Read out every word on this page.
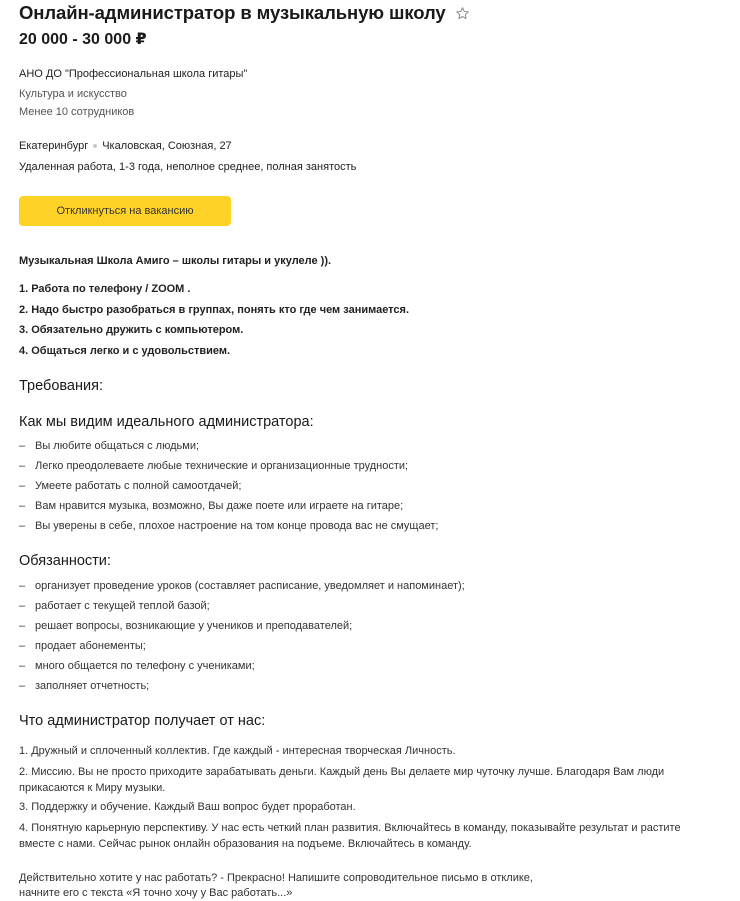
Онлайн-администратор в музыкальную школу
20 000 - 30 000 ₽
АНО ДО "Профессиональная школа гитары"
Культура и искусство
Менее 10 сотрудников
Екатеринбург Чкаловская, Союзная, 27
Удаленная работа, 1-3 года, неполное среднее, полная занятость
Откликнуться на вакансию
Музыкальная Школа Амиго – школы гитары и укулеле )).
1. Работа по телефону / ZOOM .
2. Надо быстро разобраться в группах, понять кто где чем занимается.
3. Обязательно дружить с компьютером.
4. Общаться легко и с удовольствием.
Требования:
Как мы видим идеального администратора:
– Вы любите общаться с людьми;
– Легко преодолеваете любые технические и организационные трудности;
– Умеете работать с полной самоотдачей;
– Вам нравится музыка, возможно, Вы даже поете или играете на гитаре;
– Вы уверены в себе, плохое настроение на том конце провода вас не смущает;
Обязанности:
– организует проведение уроков (составляет расписание, уведомляет и напоминает);
– работает с текущей теплой базой;
– решает вопросы, возникающие у учеников и преподавателей;
– продает абонементы;
– много общается по телефону с учениками;
– заполняет отчетность;
Что администратор получает от нас:
1. Дружный и сплоченный коллектив. Где каждый - интересная творческая Личность.
2. Миссию. Вы не просто приходите зарабатывать деньги. Каждый день Вы делаете мир чуточку лучше. Благодаря Вам люди прикасаются к Миру музыки.
3. Поддержку и обучение. Каждый Ваш вопрос будет проработан.
4. Понятную карьерную перспективу. У нас есть четкий план развития. Включайтесь в команду, показывайте результат и растите вместе с нами. Сейчас рынок онлайн образования на подъеме. Включайтесь в команду.
Действительно хотите у нас работать? - Прекрасно! Напишите сопроводительное письмо в отклике,
начните его с текста «Я точно хочу у Вас работать...»
